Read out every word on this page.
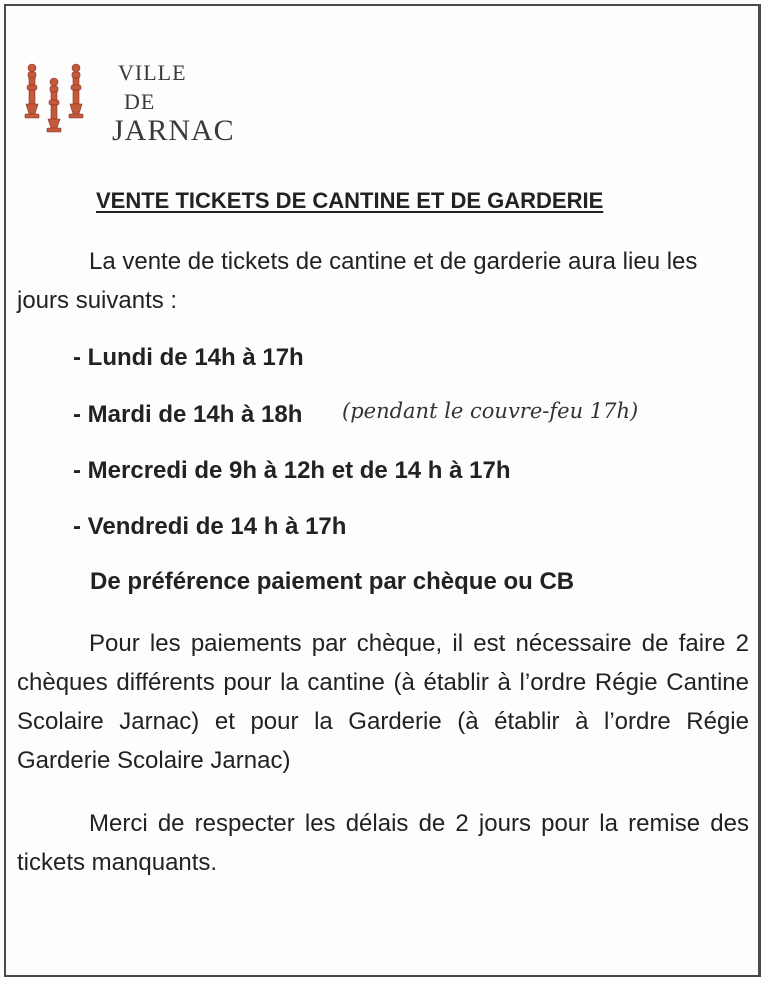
VILLE
DE
JARNAC
VENTE TICKETS DE CANTINE ET DE GARDERIE
La vente de tickets de cantine et de garderie aura lieu les jours suivants :
- Lundi de 14h à 17h
- Mardi de 14h à 18h
- Mercredi de 9h à 12h et de 14 h à 17h
- Vendredi de 14 h à 17h
(pendant le couvre-feu 17h)
De préférence paiement par chèque ou CB
Pour les paiements par chèque, il est nécessaire de faire 2 chèques différents pour la cantine (à établir à l’ordre Régie Cantine Scolaire Jarnac) et pour la Garderie (à établir à l’ordre Régie Garderie Scolaire Jarnac)
Merci de respecter les délais de 2 jours pour la remise des tickets manquants.
